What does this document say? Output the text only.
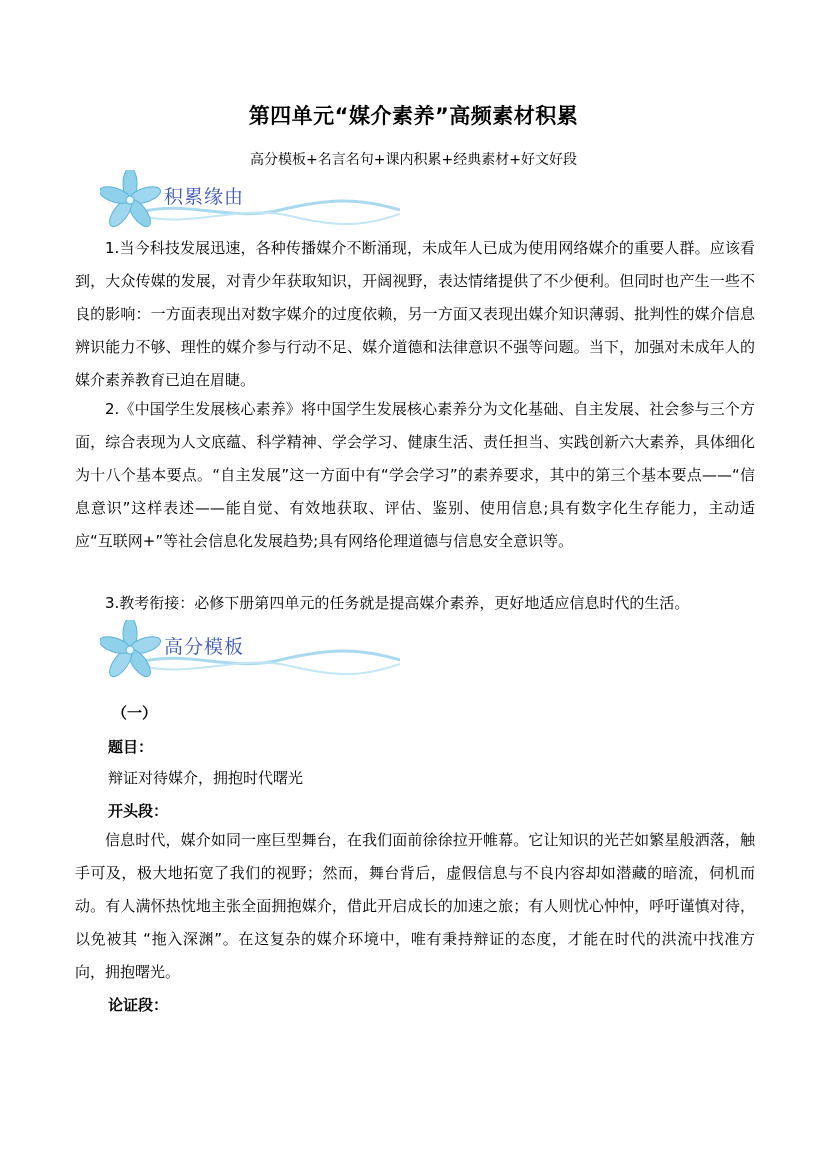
第四单元“媒介素养”高频素材积累
高分模板+名言名句+课内积累+经典素材+好文好段
积累缘由

1.当今科技发展迅速，各种传播媒介不断涌现，未成年人已成为使用网络媒介的重要人群。应该看到，大众传媒的发展，对青少年获取知识，开阔视野，表达情绪提供了不少便利。但同时也产生一些不良的影响：一方面表现出对数字媒介的过度依赖，另一方面又表现出媒介知识薄弱、批判性的媒介信息辨识能力不够、理性的媒介参与行动不足、媒介道德和法律意识不强等问题。当下，加强对未成年人的媒介素养教育已迫在眉睫。

2.《中国学生发展核心素养》将中国学生发展核心素养分为文化基础、自主发展、社会参与三个方面，综合表现为人文底蕴、科学精神、学会学习、健康生活、责任担当、实践创新六大素养，具体细化为十八个基本要点。“自主发展”这一方面中有“学会学习”的素养要求，其中的第三个基本要点——“信息意识”这样表述——能自觉、有效地获取、评估、鉴别、使用信息;具有数字化生存能力，主动适应“互联网+”等社会信息化发展趋势;具有网络伦理道德与信息安全意识等。

3.教考衔接：必修下册第四单元的任务就是提高媒介素养，更好地适应信息时代的生活。

高分模板
（一）
题目：
辩证对待媒介，拥抱时代曙光
开头段：

信息时代，媒介如同一座巨型舞台，在我们面前徐徐拉开帷幕。它让知识的光芒如繁星般洒落，触手可及，极大地拓宽了我们的视野；然而，舞台背后，虚假信息与不良内容却如潜藏的暗流，伺机而动。有人满怀热忱地主张全面拥抱媒介，借此开启成长的加速之旅；有人则忧心忡忡，呼吁谨慎对待，以免被其 “拖入深渊”。在这复杂的媒介环境中，唯有秉持辩证的态度，才能在时代的洪流中找准方向，拥抱曙光。

论证段：
